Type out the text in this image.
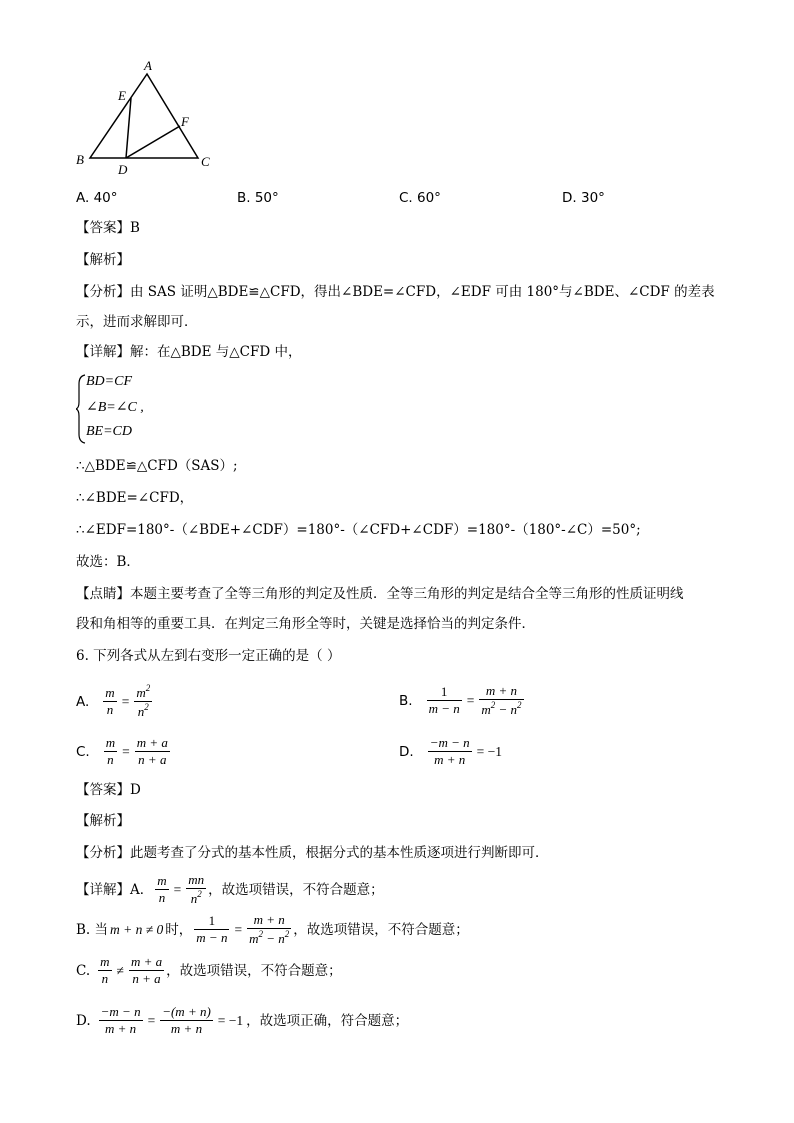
A
E
F
B
D
C
A. 40°	B. 50°	C. 60°	D. 30°
【答案】B
【解析】
【分析】由 SAS 证明△BDE≌△CFD，得出∠BDE=∠CFD，∠EDF 可由 180°与∠BDE、∠CDF 的差表
示，进而求解即可．
【详解】解：在△BDE 与△CFD 中，
BD=CF
∠B=∠C ,
BE=CD
∴△BDE≌△CFD（SAS）;
∴∠BDE=∠CFD，
∴∠EDF=180°-（∠BDE+∠CDF）=180°-（∠CFD+∠CDF）=180°-（180°-∠C）=50°;
故选：B．
【点睛】本题主要考查了全等三角形的判定及性质．全等三角形的判定是结合全等三角形的性质证明线
段和角相等的重要工具．在判定三角形全等时，关键是选择恰当的判定条件．
6. 下列各式从左到右变形一定正确的是（ ）
A. $\frac{m}{n} = \frac{m^2}{n^2}$	B. $\frac{1}{m - n} = \frac{m + n}{m^2 - n^2}$
C. $\frac{m}{n} = \frac{m + a}{n + a}$	D. $\frac{-m - n}{m + n} = -1$
【答案】D
【解析】
【分析】此题考查了分式的基本性质，根据分式的基本性质逐项进行判断即可．
【详解】A． $\frac{m}{n} = \frac{mn}{n^2}$ ，故选项错误，不符合题意；
B. 当 m + n ≠ 0 时， $\frac{1}{m - n} = \frac{m + n}{m^2 - n^2}$ ，故选项错误，不符合题意；
C. $\frac{m}{n} \ne \frac{m + a}{n + a}$ ，故选项错误，不符合题意；
D. $\frac{-m - n}{m + n} = \frac{-(m + n)}{m + n} = -1$ ，故选项正确，符合题意；
